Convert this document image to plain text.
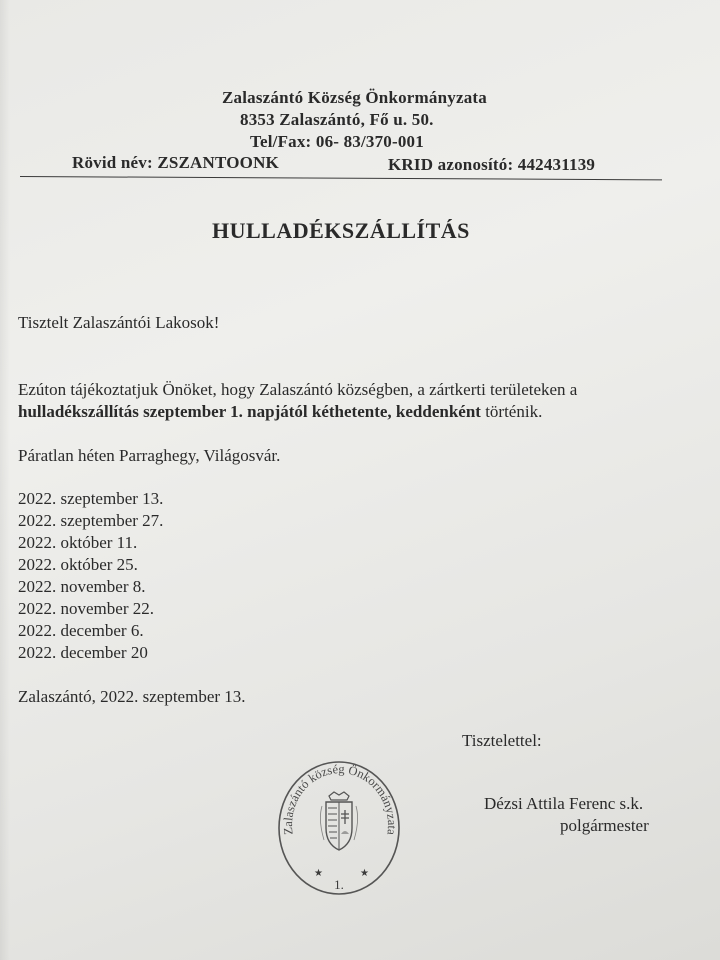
Zalaszántó Község Önkormányzata
8353 Zalaszántó, Fő u. 50.
Tel/Fax: 06- 83/370-001
Rövid név: ZSZANTOONK	KRID azonosító: 442431139
HULLADÉKSZÁLLÍTÁS
Tisztelt Zalaszántói Lakosok!
Ezúton tájékoztatjuk Önöket, hogy Zalaszántó községben, a zártkerti területeken a
hulladékszállítás szeptember 1. napjától kéthetente, keddenként történik.
Páratlan héten Parraghegy, Világosvár.
2022. szeptember 13.
2022. szeptember 27.
2022. október 11.
2022. október 25.
2022. november 8.
2022. november 22.
2022. december 6.
2022. december 20
Zalaszántó, 2022. szeptember 13.
Tisztelettel:
Zalaszántó község Önkormányzata
★	★
1.
Dézsi Attila Ferenc s.k.
polgármester
